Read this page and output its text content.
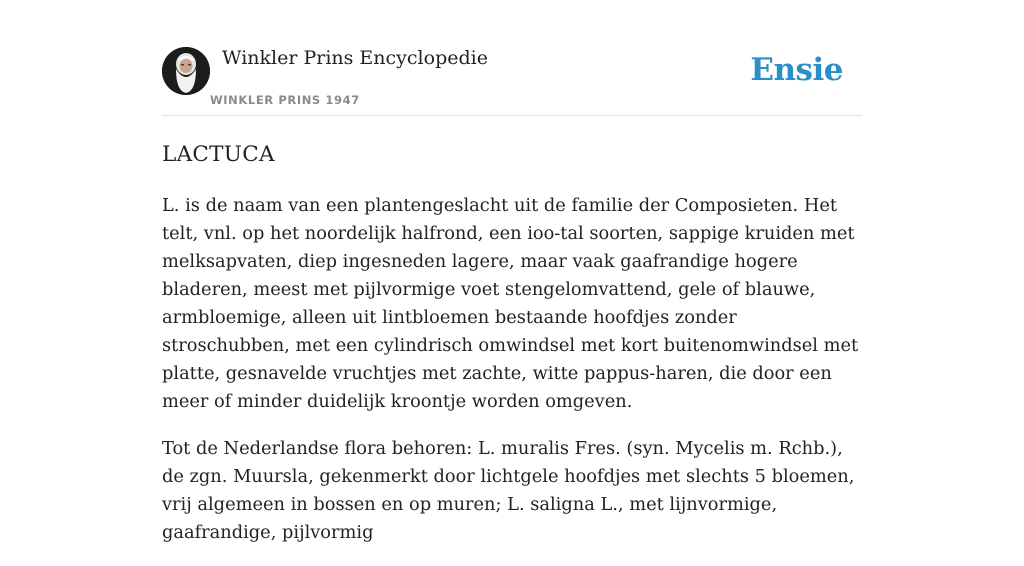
Winkler Prins Encyclopedie
WINKLER PRINS 1947
Ensie
LACTUCA

L. is de naam van een plantengeslacht uit de familie der Composieten. Het telt, vnl. op het noordelijk halfrond, een ioo-tal soorten, sappige kruiden met melksapvaten, diep ingesneden lagere, maar vaak gaafrandige hogere bladeren, meest met pijlvormige voet stengelomvattend, gele of blauwe, armbloemige, alleen uit lintbloemen bestaande hoofdjes zonder stroschubben, met een cylindrisch omwindsel met kort buitenomwindsel met platte, gesnavelde vruchtjes met zachte, witte pappus-haren, die door een meer of minder duidelijk kroontje worden omgeven.

Tot de Nederlandse flora behoren: L. muralis Fres. (syn. Mycelis m. Rchb.), de zgn. Muursla, gekenmerkt door lichtgele hoofdjes met slechts 5 bloemen, vrij algemeen in bossen en op muren; L. saligna L., met lijnvormige, gaafrandige, pijlvormig
